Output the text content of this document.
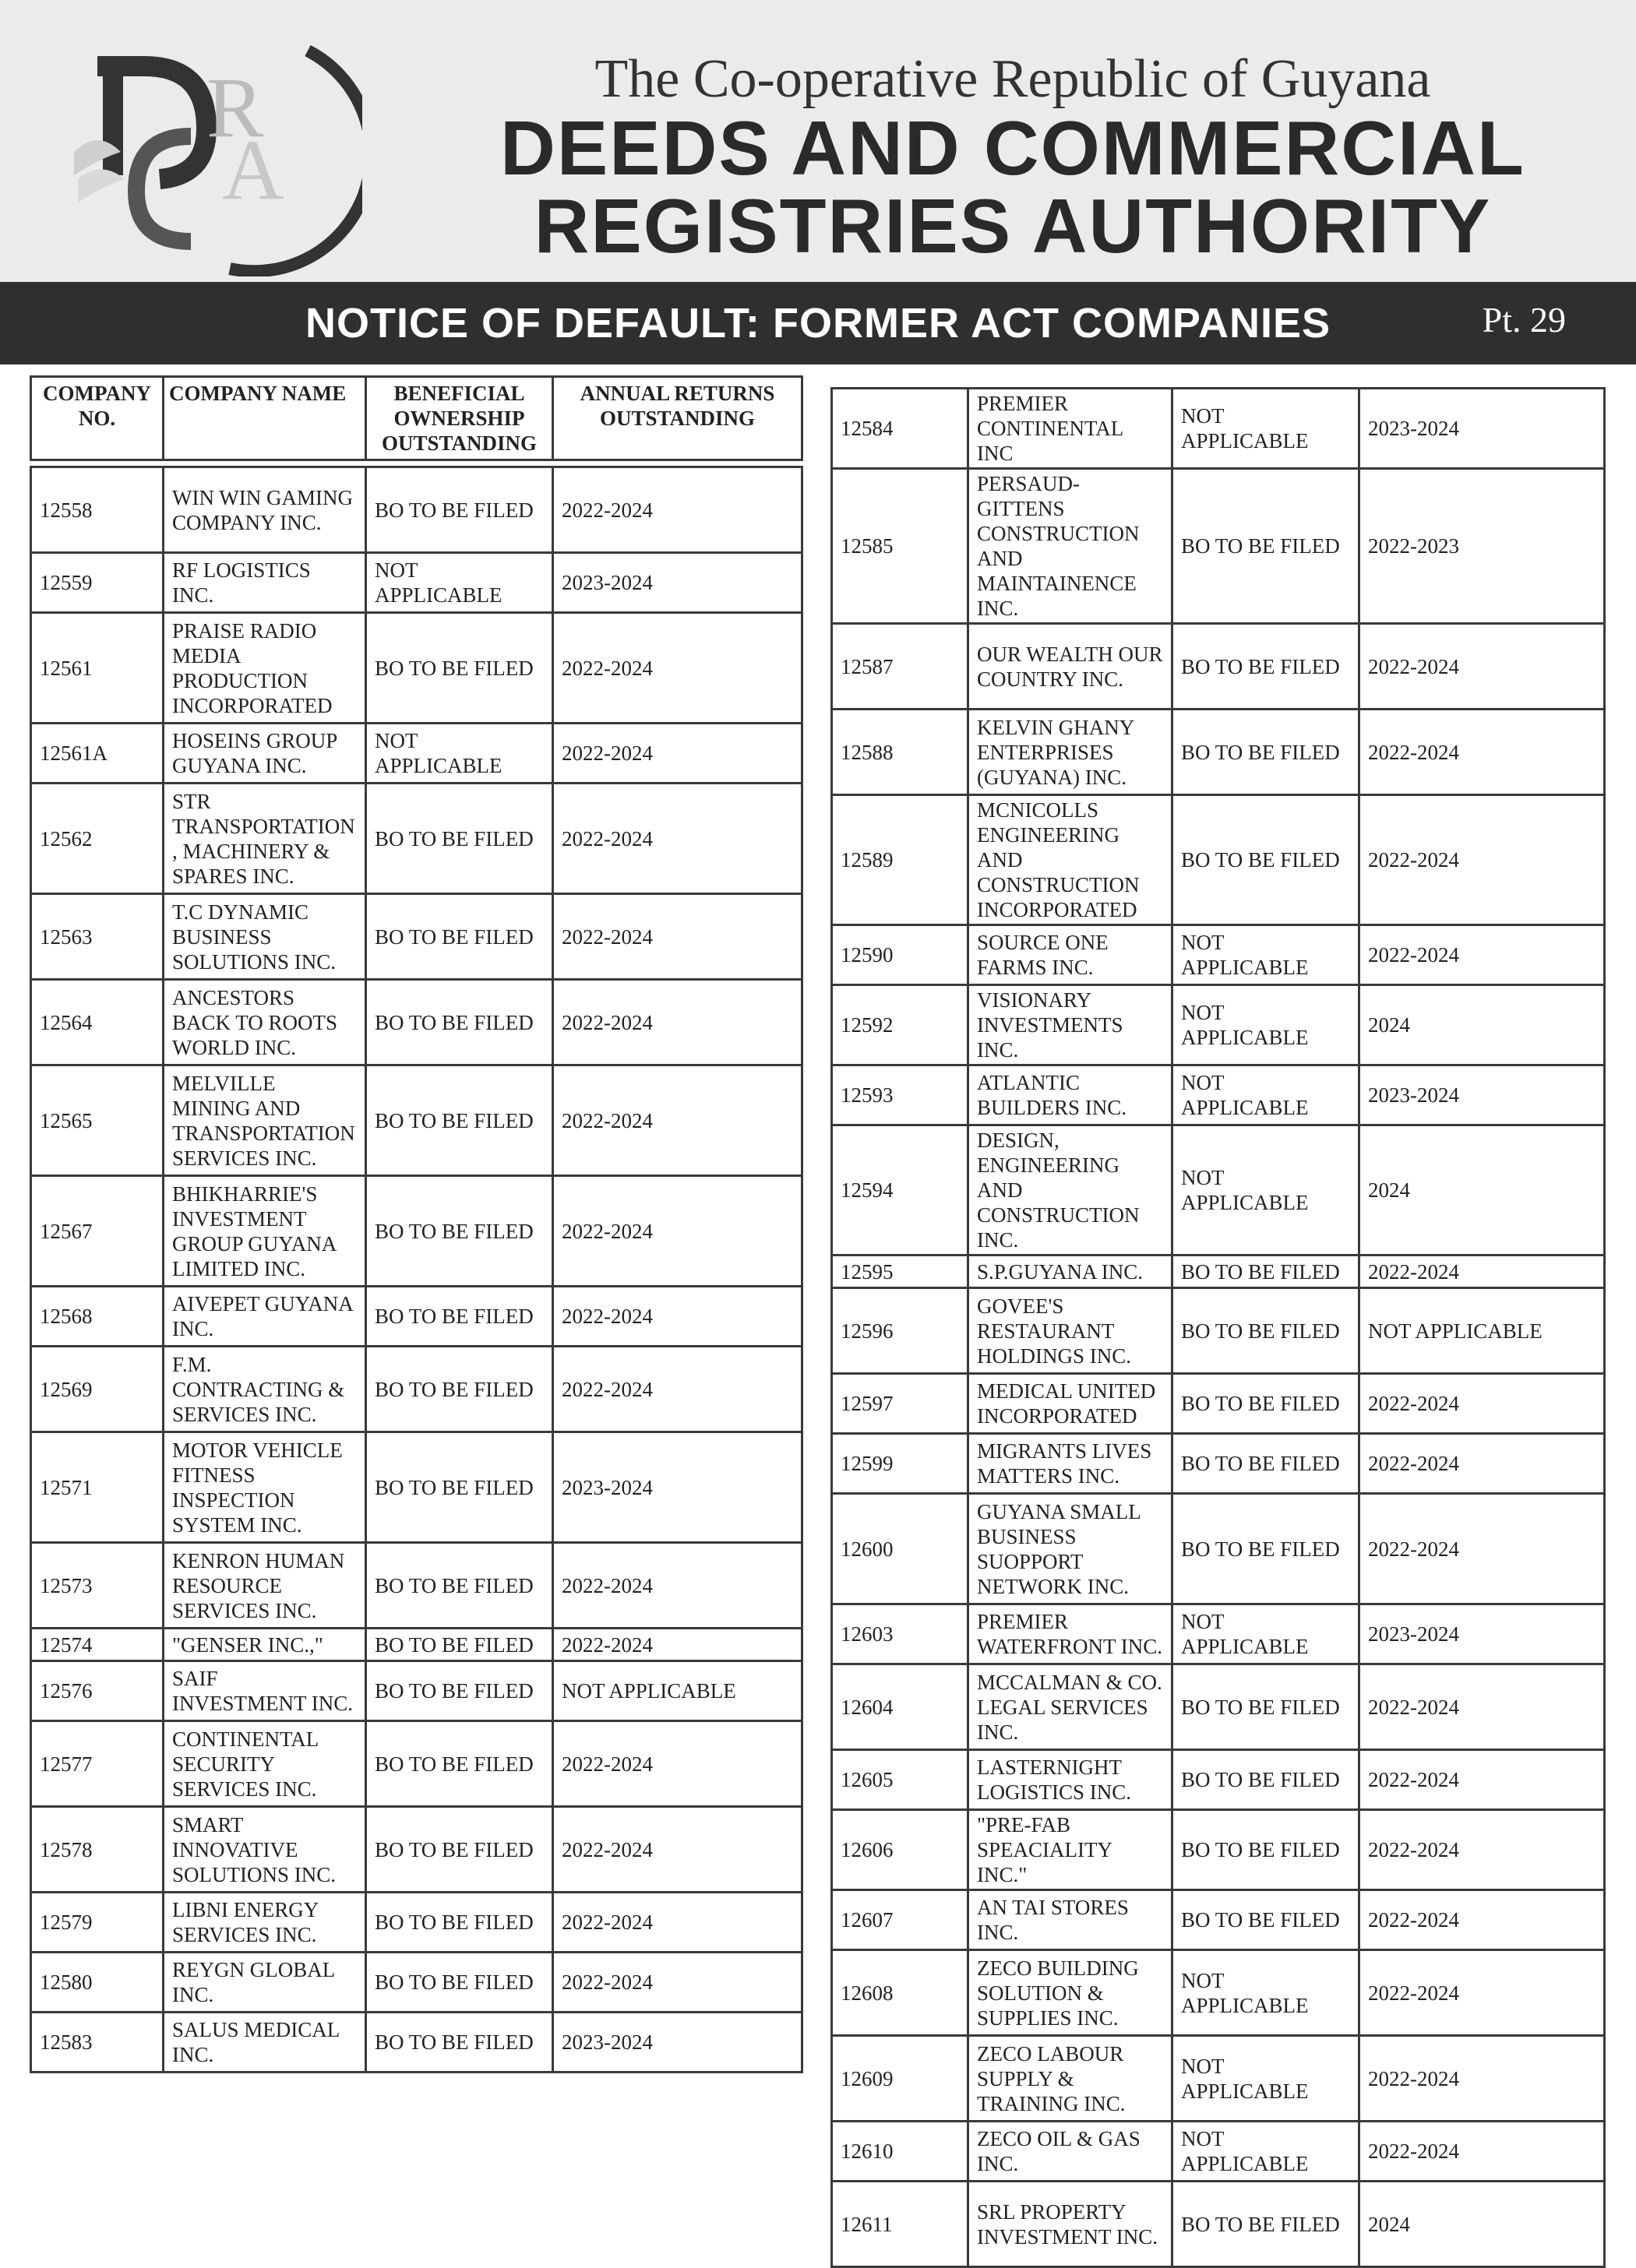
R
A
The Co-operative Republic of Guyana
DEEDS AND COMMERCIAL
REGISTRIES AUTHORITY
NOTICE OF DEFAULT: FORMER ACT COMPANIES	Pt. 29
COMPANY NO.	COMPANY NAME	BENEFICIAL OWNERSHIP OUTSTANDING	ANNUAL RETURNS OUTSTANDING

12558	WIN WIN GAMING COMPANY INC.	BO TO BE FILED	2022-2024
12559	RF LOGISTICS INC.	NOT APPLICABLE	2023-2024
12561	PRAISE RADIO MEDIA PRODUCTION INCORPORATED	BO TO BE FILED	2022-2024
12561A	HOSEINS GROUP GUYANA INC.	NOT APPLICABLE	2022-2024
12562	STR TRANSPORTATION, MACHINERY & SPARES INC.	BO TO BE FILED	2022-2024
12563	T.C DYNAMIC BUSINESS SOLUTIONS INC.	BO TO BE FILED	2022-2024
12564	ANCESTORS BACK TO ROOTS WORLD INC.	BO TO BE FILED	2022-2024
12565	MELVILLE MINING AND TRANSPORTATION SERVICES INC.	BO TO BE FILED	2022-2024
12567	BHIKHARRIE'S INVESTMENT GROUP GUYANA LIMITED INC.	BO TO BE FILED	2022-2024
12568	AIVEPET GUYANA INC.	BO TO BE FILED	2022-2024
12569	F.M. CONTRACTING & SERVICES INC.	BO TO BE FILED	2022-2024
12571	MOTOR VEHICLE FITNESS INSPECTION SYSTEM INC.	BO TO BE FILED	2023-2024
12573	KENRON HUMAN RESOURCE SERVICES INC.	BO TO BE FILED	2022-2024
12574	"GENSER INC.,"	BO TO BE FILED	2022-2024
12576	SAIF INVESTMENT INC.	BO TO BE FILED	NOT APPLICABLE
12577	CONTINENTAL SECURITY SERVICES INC.	BO TO BE FILED	2022-2024
12578	SMART INNOVATIVE SOLUTIONS INC.	BO TO BE FILED	2022-2024
12579	LIBNI ENERGY SERVICES INC.	BO TO BE FILED	2022-2024
12580	REYGN GLOBAL INC.	BO TO BE FILED	2022-2024
12583	SALUS MEDICAL INC.	BO TO BE FILED	2023-2024
12584	PREMIER CONTINENTAL INC	NOT APPLICABLE	2023-2024
12585	PERSAUD-GITTENS CONSTRUCTION AND MAINTAINENCE INC.	BO TO BE FILED	2022-2023
12587	OUR WEALTH OUR COUNTRY INC.	BO TO BE FILED	2022-2024
12588	KELVIN GHANY ENTERPRISES (GUYANA) INC.	BO TO BE FILED	2022-2024
12589	MCNICOLLS ENGINEERING AND CONSTRUCTION INCORPORATED	BO TO BE FILED	2022-2024
12590	SOURCE ONE FARMS INC.	NOT APPLICABLE	2022-2024
12592	VISIONARY INVESTMENTS INC.	NOT APPLICABLE	2024
12593	ATLANTIC BUILDERS INC.	NOT APPLICABLE	2023-2024
12594	DESIGN, ENGINEERING AND CONSTRUCTION INC.	NOT APPLICABLE	2024
12595	S.P.GUYANA INC.	BO TO BE FILED	2022-2024
12596	GOVEE'S RESTAURANT HOLDINGS INC.	BO TO BE FILED	NOT APPLICABLE
12597	MEDICAL UNITED INCORPORATED	BO TO BE FILED	2022-2024
12599	MIGRANTS LIVES MATTERS INC.	BO TO BE FILED	2022-2024
12600	GUYANA SMALL BUSINESS SUOPPORT NETWORK INC.	BO TO BE FILED	2022-2024
12603	PREMIER WATERFRONT INC.	NOT APPLICABLE	2023-2024
12604	MCCALMAN & CO. LEGAL SERVICES INC.	BO TO BE FILED	2022-2024
12605	LASTERNIGHT LOGISTICS INC.	BO TO BE FILED	2022-2024
12606	"PRE-FAB SPEACIALITY INC."	BO TO BE FILED	2022-2024
12607	AN TAI STORES INC.	BO TO BE FILED	2022-2024
12608	ZECO BUILDING SOLUTION & SUPPLIES INC.	NOT APPLICABLE	2022-2024
12609	ZECO LABOUR SUPPLY & TRAINING INC.	NOT APPLICABLE	2022-2024
12610	ZECO OIL & GAS INC.	NOT APPLICABLE	2022-2024
12611	SRL PROPERTY INVESTMENT INC.	BO TO BE FILED	2024
